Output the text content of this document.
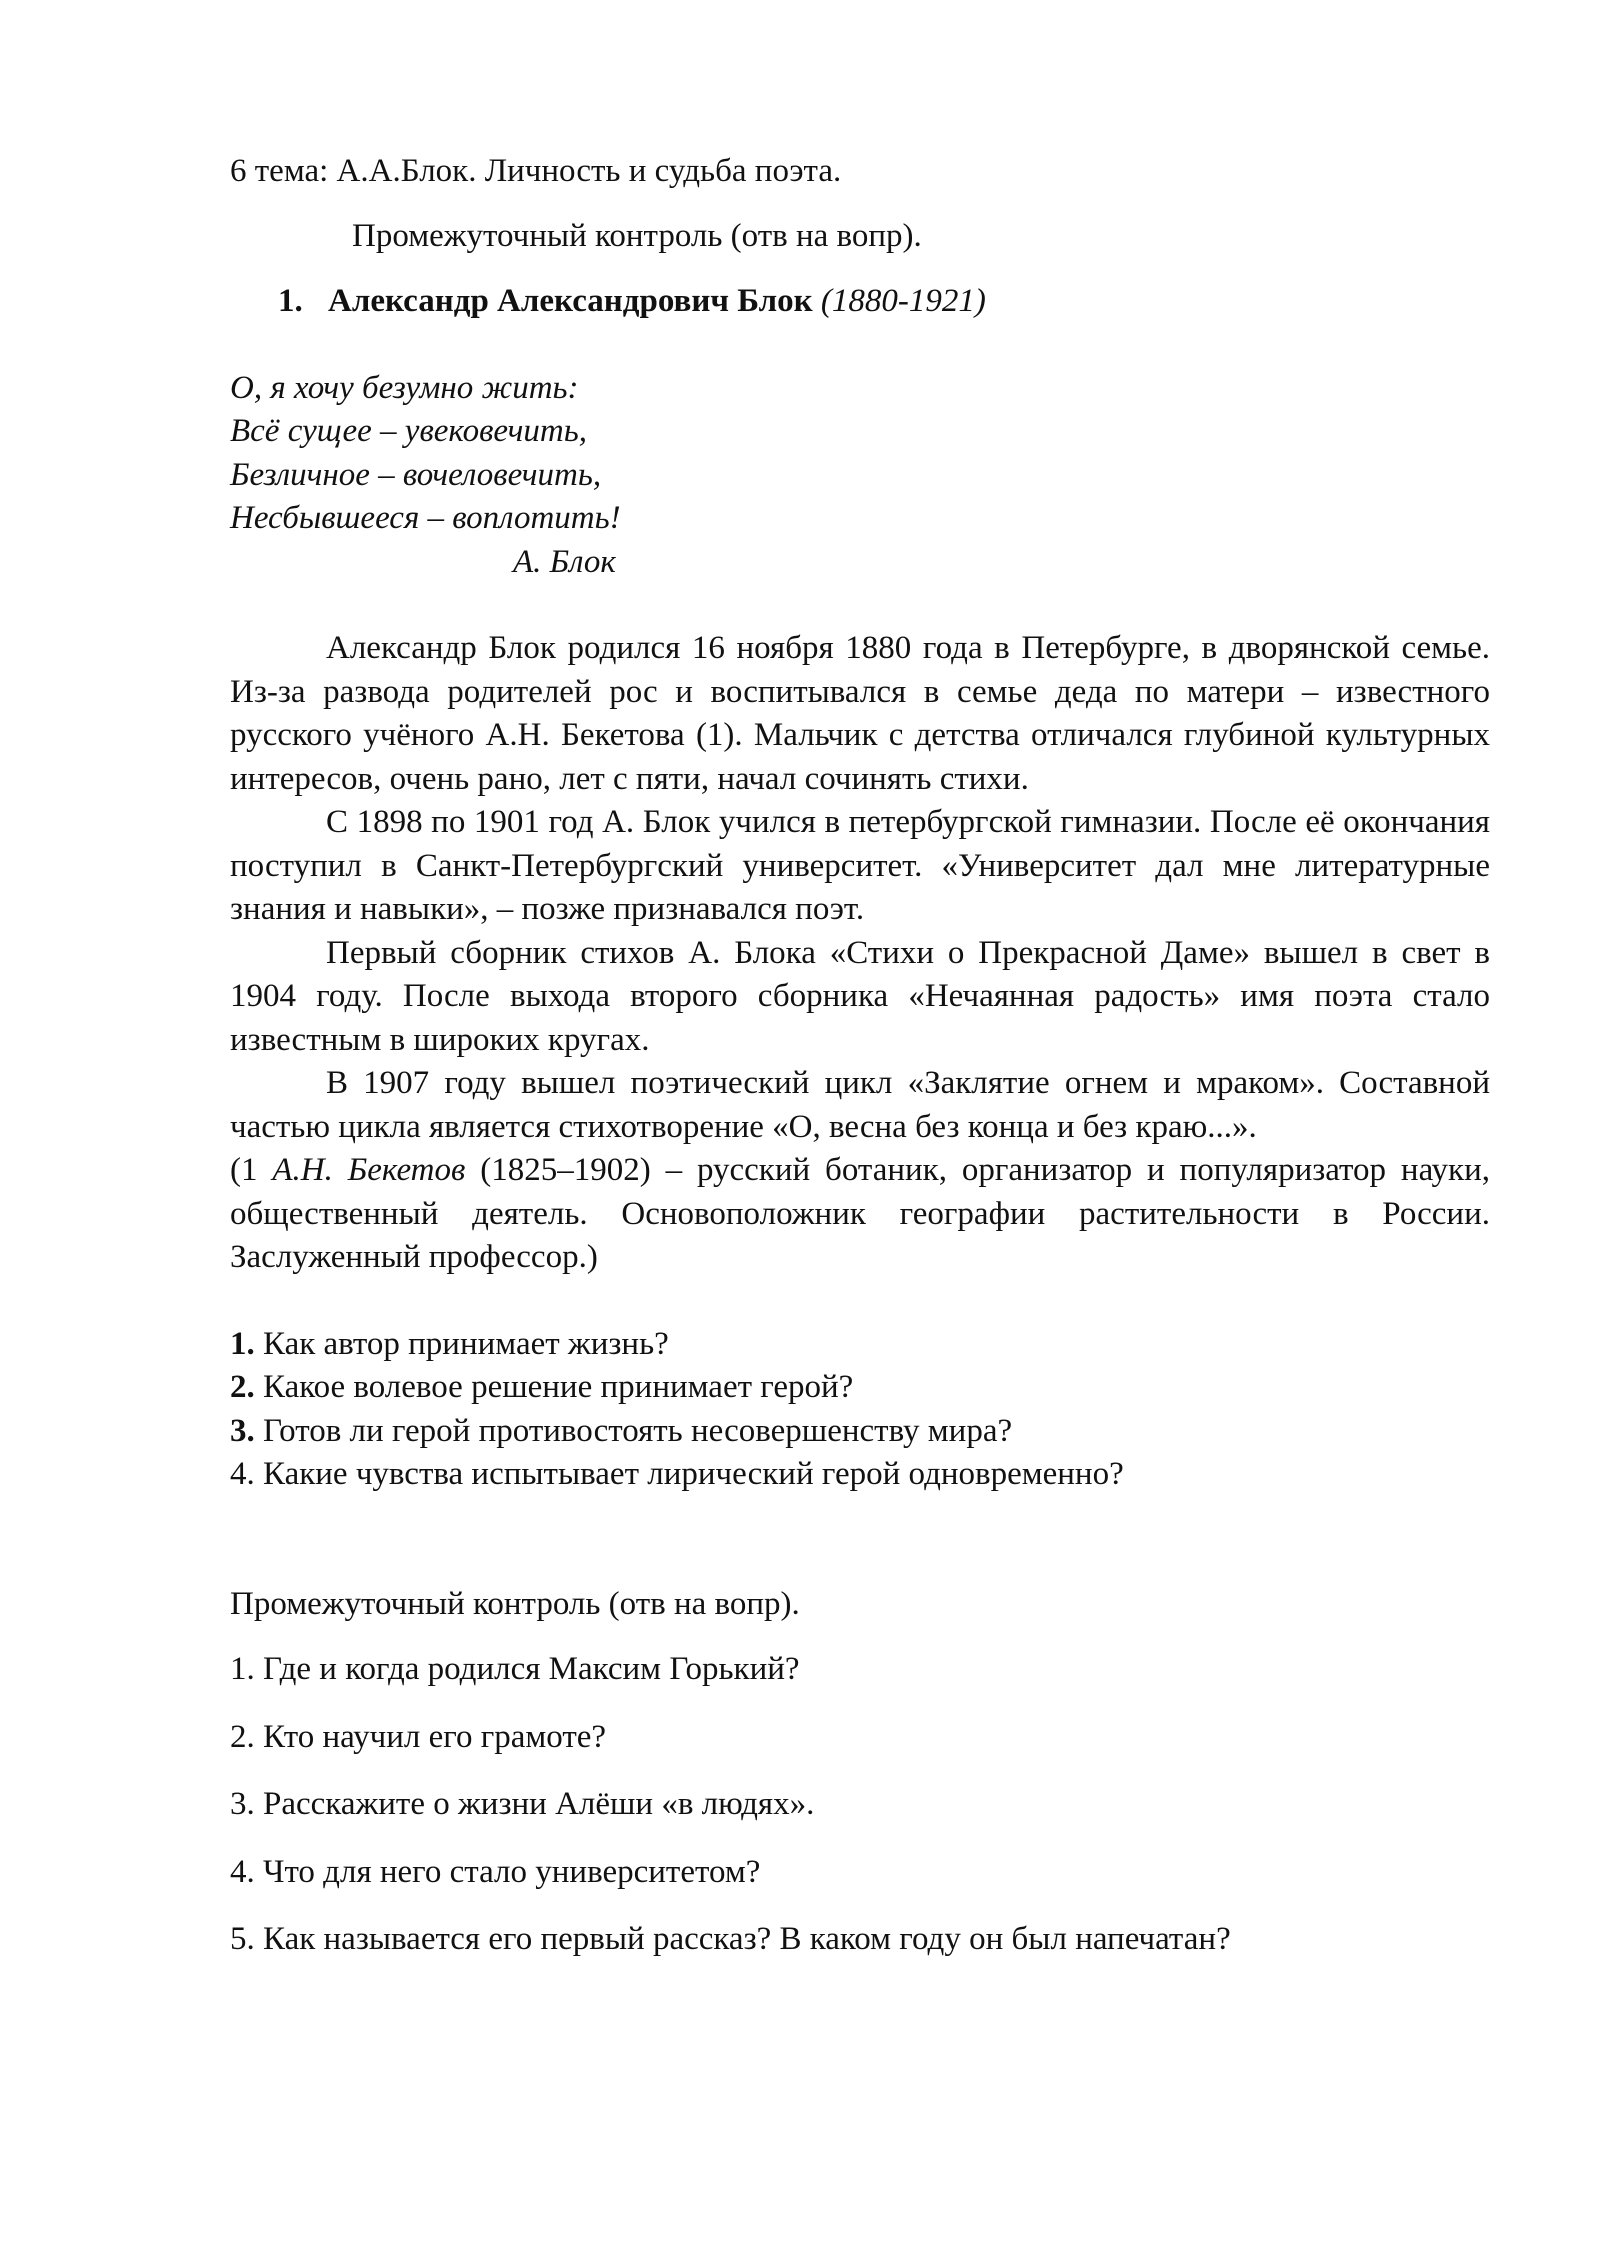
6 тема: А.А.Блок. Личность и судьба поэта.

Промежуточный контроль (отв на вопр).

1. Александр Александрович Блок (1880-1921)

О, я хочу безумно жить:

Всё сущее – увековечить,

Безличное – вочеловечить,

Несбывшееся – воплотить!

А. Блок

Александр Блок родился 16 ноября 1880 года в Петербурге, в дворянской семье. Из-за развода родителей рос и воспитывался в семье деда по матери – известного русского учёного А.Н. Бекетова (1). Мальчик с детства отличался глубиной культурных интересов, очень рано, лет с пяти, начал сочинять стихи.

С 1898 по 1901 год А. Блок учился в петербургской гимназии. После её окончания поступил в Санкт-Петербургский университет. «Университет дал мне литературные знания и навыки», – позже признавался поэт.

Первый сборник стихов А. Блока «Стихи о Прекрасной Даме» вышел в свет в 1904 году. После выхода второго сборника «Нечаянная радость» имя поэта стало известным в широких кругах.

В 1907 году вышел поэтический цикл «Заклятие огнем и мраком». Составной частью цикла является стихотворение «О, весна без конца и без краю...».

(1 А.Н. Бекетов (1825–1902) – русский ботаник, организатор и популяризатор науки, общественный деятель. Основоположник географии растительности в России. Заслуженный профессор.)

1. Как автор принимает жизнь?

2. Какое волевое решение принимает герой?

3. Готов ли герой противостоять несовершенству мира?

4. Какие чувства испытывает лирический герой одновременно?

Промежуточный контроль (отв на вопр).

1. Где и когда родился Максим Горький?

2. Кто научил его грамоте?

3. Расскажите о жизни Алёши «в людях».

4. Что для него стало университетом?

5. Как называется его первый рассказ? В каком году он был напечатан?
